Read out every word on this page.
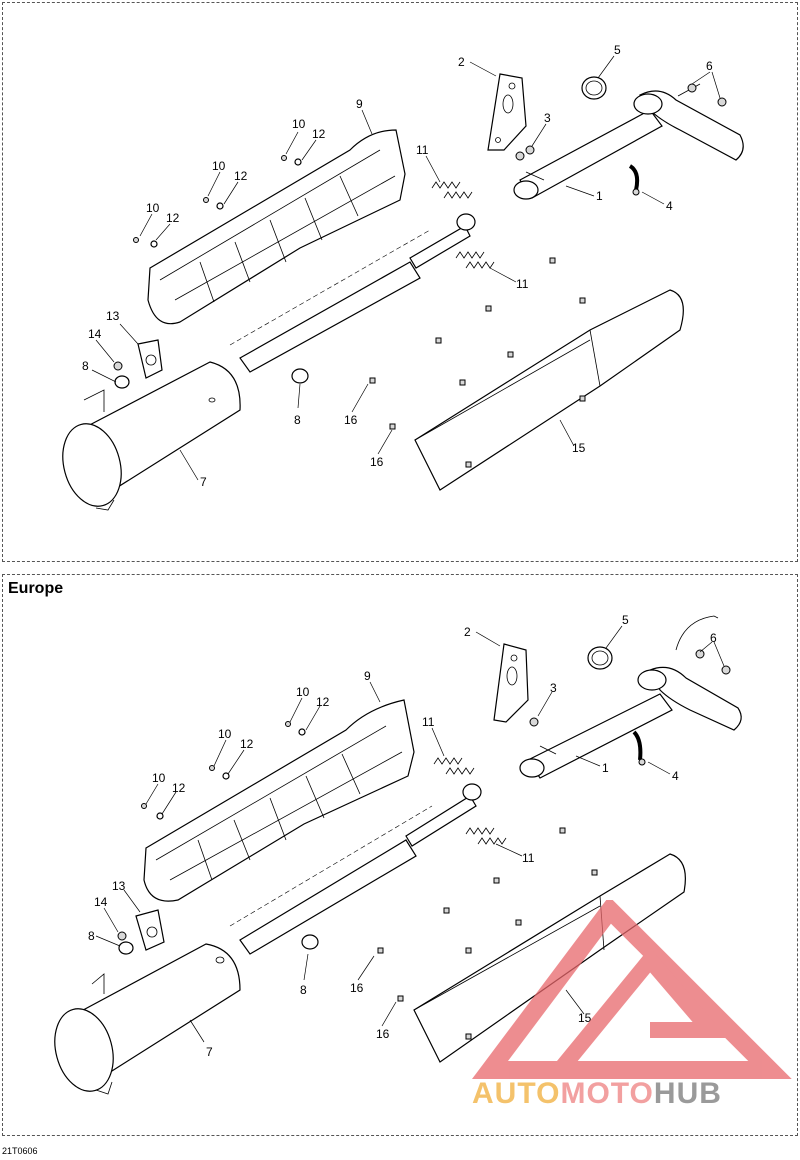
Europe
21T0606
1
2
3
4
5
6
7
8
8
9
10
10
10
12
12
12
11
11
13
14
15
16
16
1
2
3
4
5
6
7
8
8
9
10
10
10
12
12
12
11
11
13
14
15
16
16
AUTOMOTOHUB
